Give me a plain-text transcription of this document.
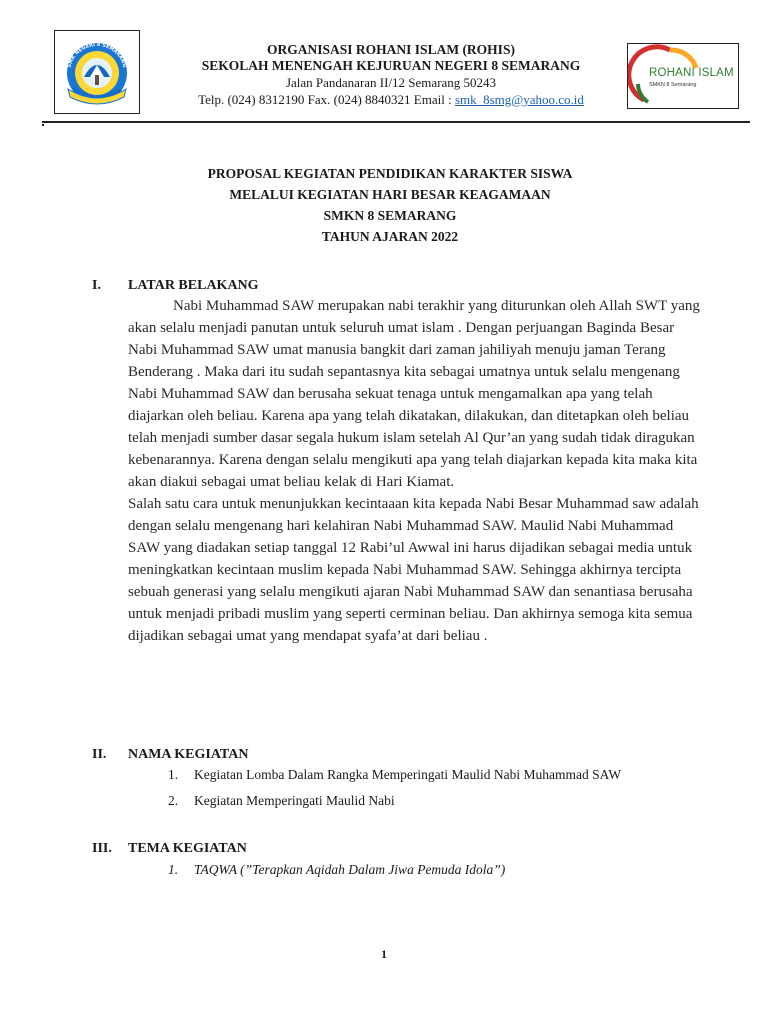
SMK NEGERI 8 SEMARANG
TUT WURI HANDAYANI
ORGANISASI ROHANI ISLAM (ROHIS)
SEKOLAH MENENGAH KEJURUAN NEGERI 8 SEMARANG
Jalan Pandanaran II/12 Semarang 50243
Telp. (024) 8312190 Fax. (024) 8840321 Email : smk_8smg@yahoo.co.id
ROHANI ISLAM
SMKN 8 Semarang
PROPOSAL KEGIATAN PENDIDIKAN KARAKTER SISWA
MELALUI KEGIATAN HARI BESAR KEAGAMAAN
SMKN 8 SEMARANG
TAHUN AJARAN 2022
I. LATAR BELAKANG

Nabi Muhammad SAW merupakan nabi terakhir yang diturunkan oleh Allah SWT yang akan selalu menjadi panutan untuk seluruh umat islam . Dengan perjuangan Baginda Besar Nabi Muhammad SAW umat manusia bangkit dari zaman jahiliyah menuju jaman Terang Benderang . Maka dari itu sudah sepantasnya kita sebagai umatnya untuk selalu mengenang Nabi Muhammad SAW dan berusaha sekuat tenaga untuk mengamalkan apa yang telah diajarkan oleh beliau. Karena apa yang telah dikatakan, dilakukan, dan ditetapkan oleh beliau telah menjadi sumber dasar segala hukum islam setelah Al Qur’an yang sudah tidak diragukan kebenarannya. Karena dengan selalu mengikuti apa yang telah diajarkan kepada kita maka kita akan diakui sebagai umat beliau kelak di Hari Kiamat.

Salah satu cara untuk menunjukkan kecintaaan kita kepada Nabi Besar Muhammad saw adalah dengan selalu mengenang hari kelahiran Nabi Muhammad SAW. Maulid Nabi Muhammad SAW yang diadakan setiap tanggal 12 Rabi’ul Awwal ini harus dijadikan sebagai media untuk meningkatkan kecintaan muslim kepada Nabi Muhammad SAW. Sehingga akhirnya tercipta sebuah generasi yang selalu mengikuti ajaran Nabi Muhammad SAW dan senantiasa berusaha untuk menjadi pribadi muslim yang seperti cerminan beliau. Dan akhirnya semoga kita semua dijadikan sebagai umat yang mendapat syafa’at dari beliau .

II. NAMA KEGIATAN
1. Kegiatan Lomba Dalam Rangka Memperingati Maulid Nabi Muhammad SAW
2. Kegiatan Memperingati Maulid Nabi
III. TEMA KEGIATAN
1. TAQWA (”Terapkan Aqidah Dalam Jiwa Pemuda Idola”)
1
